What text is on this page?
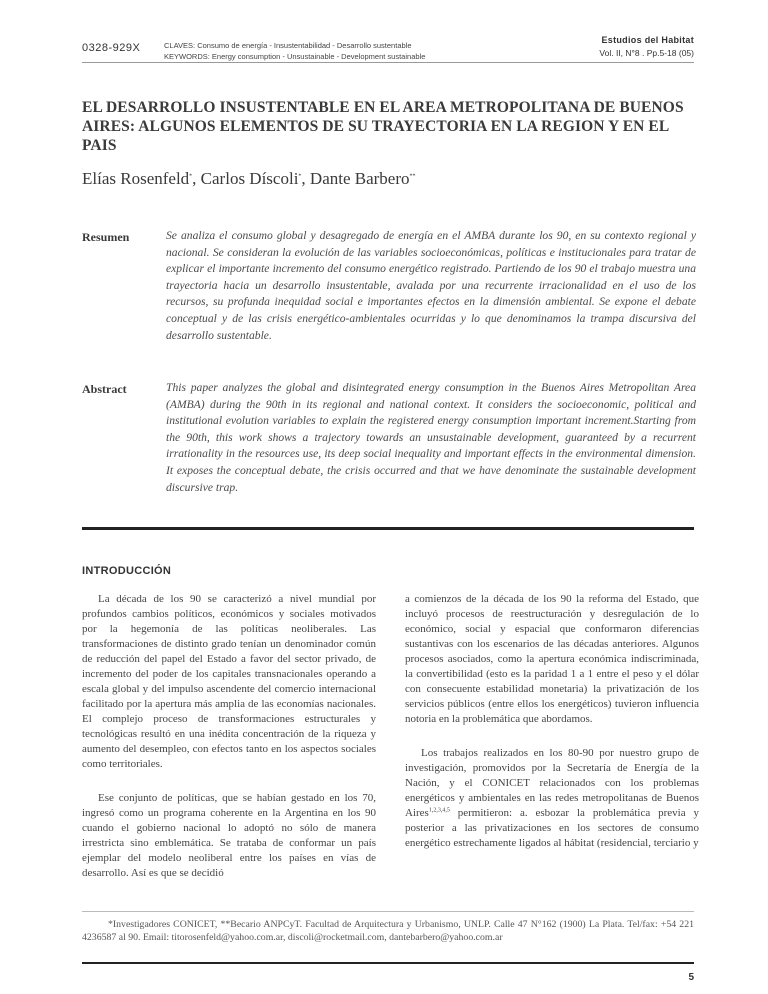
0328-929X	CLAVES: Consumo de energía - Insustentabilidad - Desarrollo sustentable
KEYWORDS: Energy consumption - Unsustainable - Development sustainable
Estudios del Habitat
Vol. II, N°8 . Pp.5-18 (05)
EL DESARROLLO INSUSTENTABLE EN EL AREA METROPOLITANA DE BUENOS AIRES: ALGUNOS ELEMENTOS DE SU TRAYECTORIA EN LA REGION Y EN EL PAIS
Elías Rosenfeld*, Carlos Díscoli*, Dante Barbero**
Resumen	Se analiza el consumo global y desagregado de energía en el AMBA durante los 90, en su contexto regional y nacional. Se consideran la evolución de las variables socioeconómicas, políticas e institucionales para tratar de explicar el importante incremento del consumo energético registrado. Partiendo de los 90 el trabajo muestra una trayectoria hacia un desarrollo insustentable, avalada por una recurrente irracionalidad en el uso de los recursos, su profunda inequidad social e importantes efectos en la dimensión ambiental. Se expone el debate conceptual y de las crisis energético-ambientales ocurridas y lo que denominamos la trampa discursiva del desarrollo sustentable.

Abstract	This paper analyzes the global and disintegrated energy consumption in the Buenos Aires Metropolitan Area (AMBA) during the 90th in its regional and national context. It considers the socioeconomic, political and institutional evolution variables to explain the registered energy consumption important increment.Starting from the 90th, this work shows a trajectory towards an unsustainable development, guaranteed by a recurrent irrationality in the resources use, its deep social inequality and important effects in the environmental dimension. It exposes the conceptual debate, the crisis occurred and that we have denominate the sustainable development discursive trap.

INTRODUCCIÓN

La década de los 90 se caracterizó a nivel mundial por profundos cambios políticos, económicos y sociales motivados por la hegemonía de las políticas neoliberales. Las transformaciones de distinto grado tenían un denominador común de reducción del papel del Estado a favor del sector privado, de incremento del poder de los capitales transnacionales operando a escala global y del impulso ascendente del comercio internacional facilitado por la apertura más amplia de las economías nacionales. El complejo proceso de transformaciones estructurales y tecnológicas resultó en una inédita concentración de la riqueza y aumento del desempleo, con efectos tanto en los aspectos sociales como territoriales.

Ese conjunto de políticas, que se habían gestado en los 70, ingresó como un programa coherente en la Argentina en los 90 cuando el gobierno nacional lo adoptó no sólo de manera irrestricta sino emblemática. Se trataba de conformar un país ejemplar del modelo neoliberal entre los países en vías de desarrollo. Así es que se decidió

a comienzos de la década de los 90 la reforma del Estado, que incluyó procesos de reestructuración y desregulación de lo económico, social y espacial que conformaron diferencias sustantivas con los escenarios de las décadas anteriores. Algunos procesos asociados, como la apertura económica indiscriminada, la convertibilidad (esto es la paridad 1 a 1 entre el peso y el dólar con consecuente estabilidad monetaria) la privatización de los servicios públicos (entre ellos los energéticos) tuvieron influencia notoria en la problemática que abordamos.

Los trabajos realizados en los 80-90 por nuestro grupo de investigación, promovidos por la Secretaría de Energía de la Nación, y el CONICET relacionados con los problemas energéticos y ambientales en las redes metropolitanas de Buenos Aires$^{1,2,3,4,5}$ permitieron: a. esbozar la problemática previa y posterior a las privatizaciones en los sectores de consumo energético estrechamente ligados al hábitat (residencial, terciario y

*Investigadores CONICET, **Becario ANPCyT. Facultad de Arquitectura y Urbanismo, UNLP. Calle 47 N°162 (1900) La Plata. Tel/fax: +54 221 4236587 al 90. Email: titorosenfeld@yahoo.com.ar, discoli@rocketmail.com, dantebarbero@yahoo.com.ar
5
